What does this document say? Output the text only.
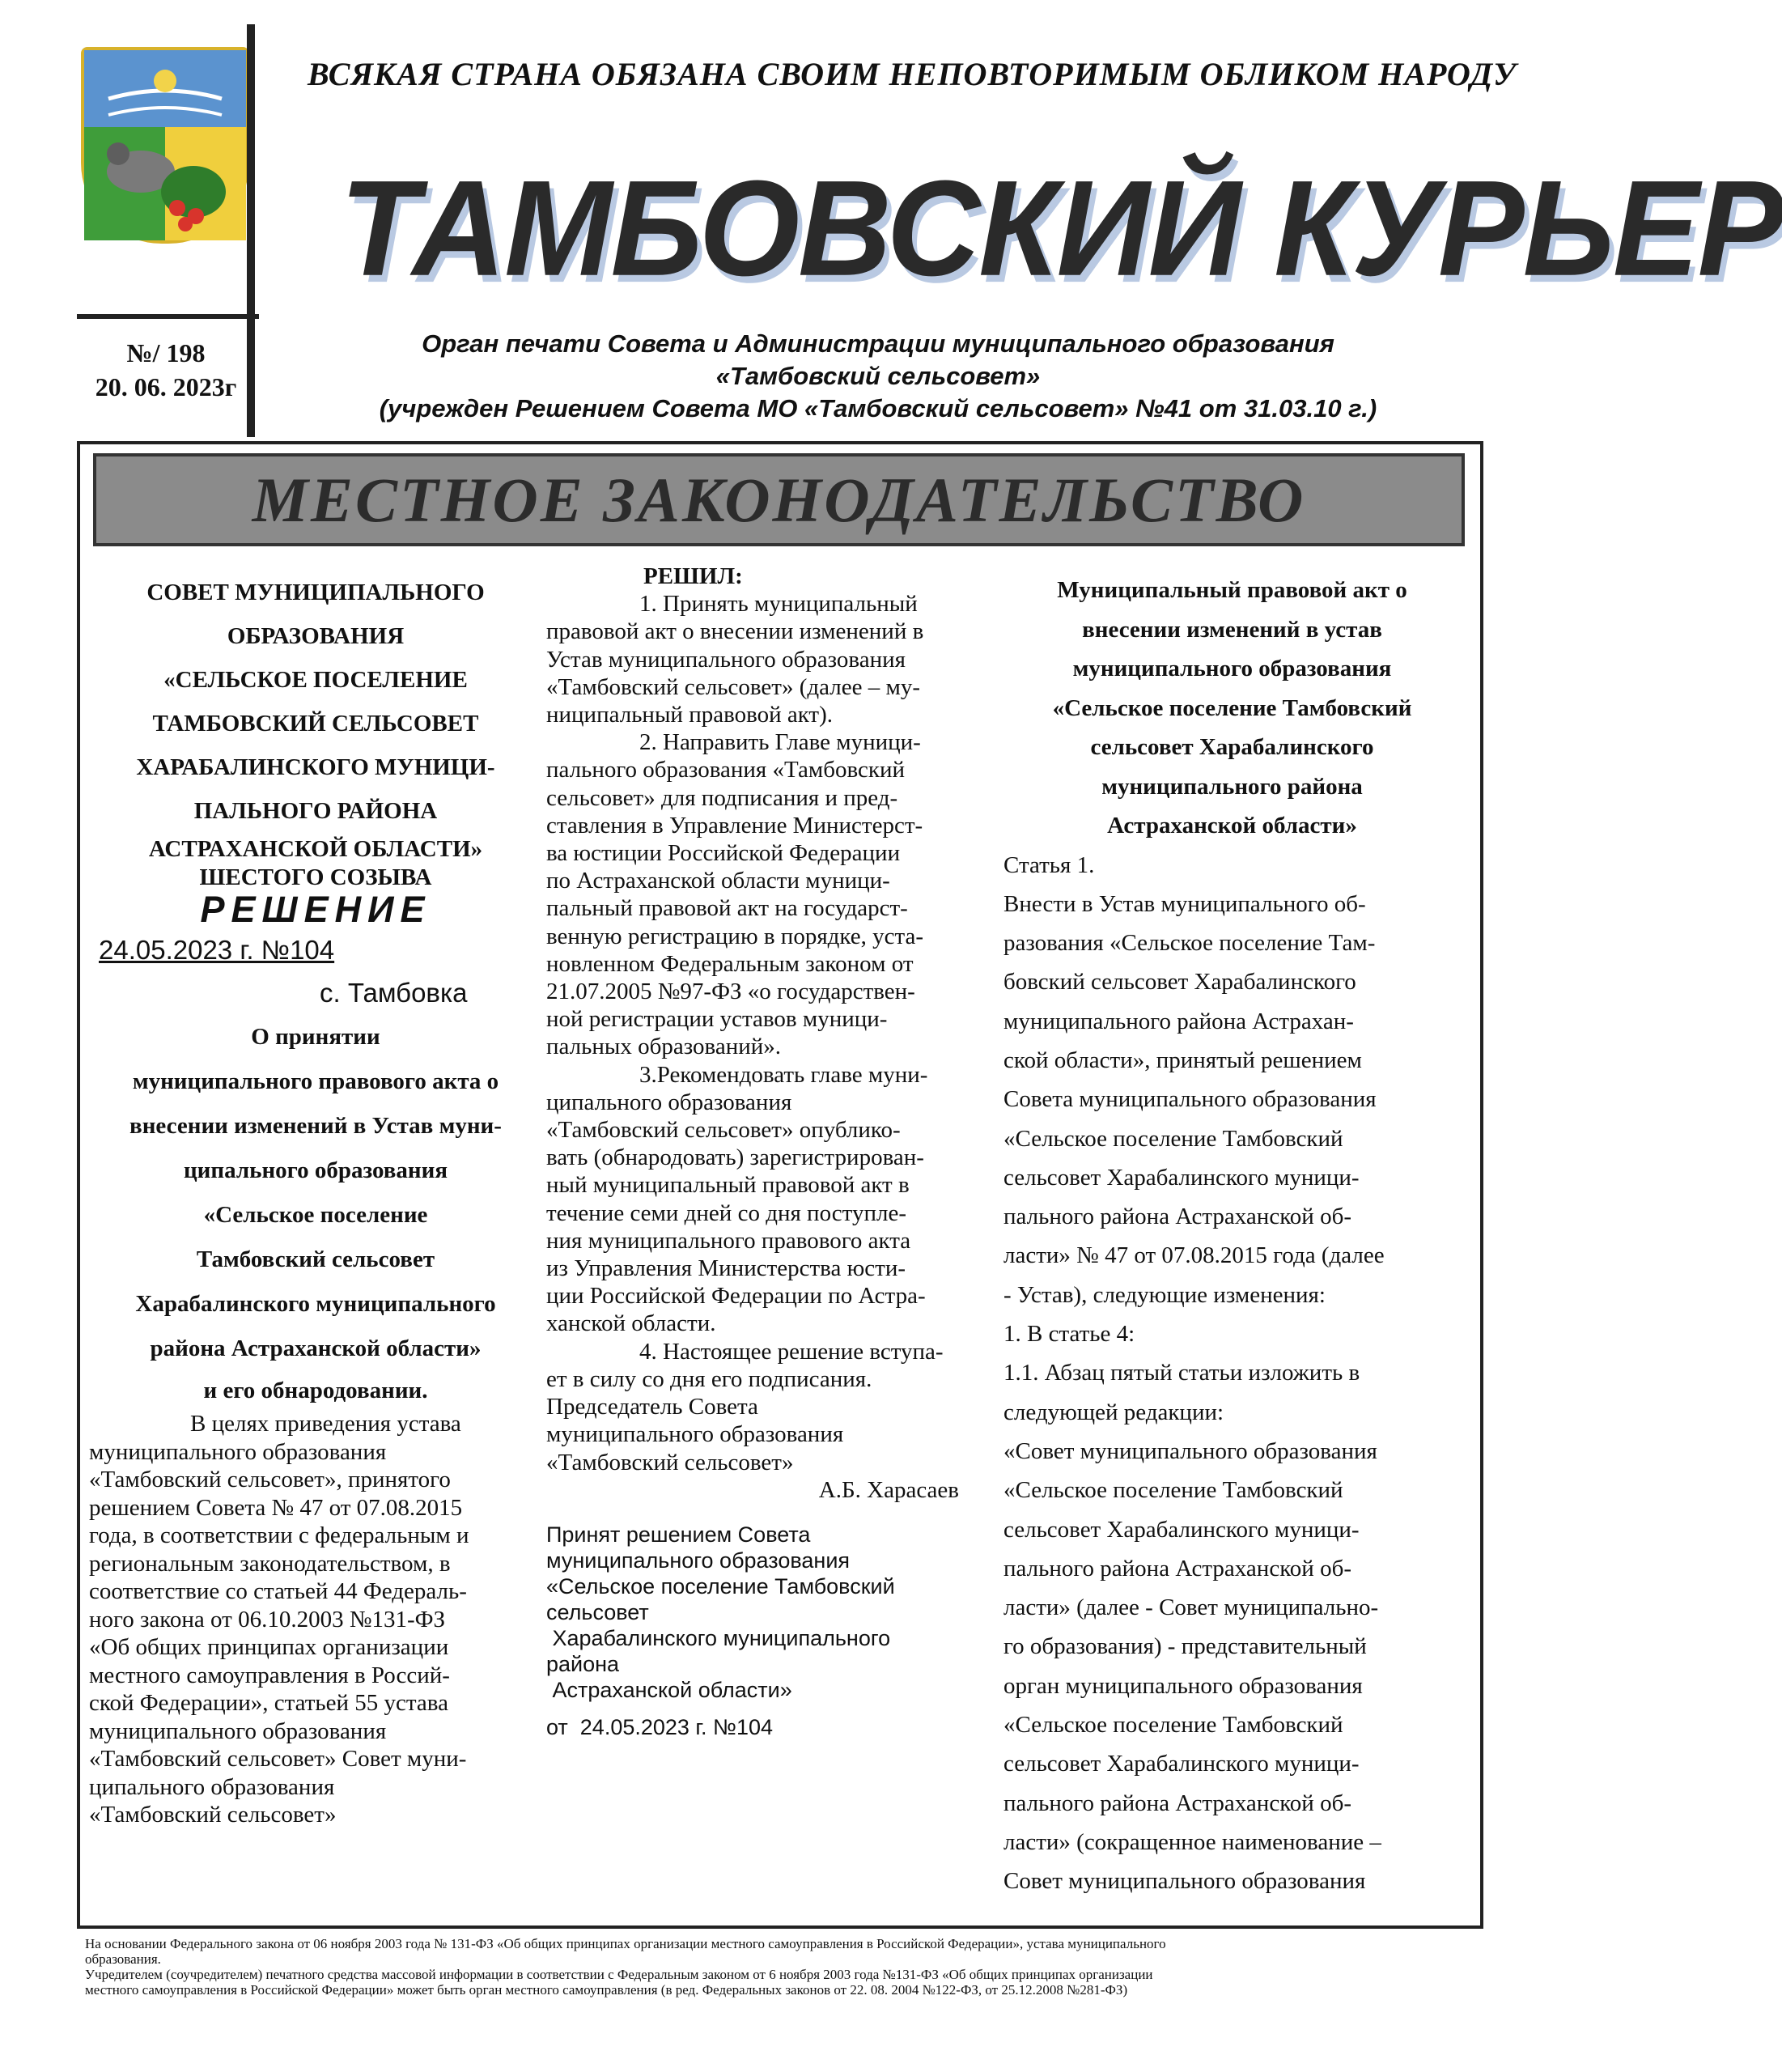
ВСЯКАЯ СТРАНА ОБЯЗАНА СВОИМ НЕПОВТОРИМЫМ ОБЛИКОМ НАРОДУ
ТАМБОВСКИЙ КУРЬЕР
№/ 198
20. 06. 2023г
Орган печати Совета и Администрации муниципального образования
«Тамбовский сельсовет»
(учрежден Решением Совета МО «Тамбовский сельсовет» №41 от 31.03.10 г.)
МЕСТНОЕ ЗАКОНОДАТЕЛЬСТВО
СОВЕТ МУНИЦИПАЛЬНОГО
ОБРАЗОВАНИЯ
«СЕЛЬСКОЕ ПОСЕЛЕНИЕ
ТАМБОВСКИЙ СЕЛЬСОВЕТ
ХАРАБАЛИНСКОГО МУНИЦИ-
ПАЛЬНОГО РАЙОНА
АСТРАХАНСКОЙ ОБЛАСТИ»
ШЕСТОГО СОЗЫВА
РЕШЕНИЕ
24.05.2023 г. №104
с. Тамбовка
О принятии
муниципального правового акта о
внесении изменений в Устав муни-
ципального образования
«Сельское поселение
Тамбовский сельсовет
Харабалинского муниципального
района Астраханской области»
и его обнародовании.
В целях приведения устава
муниципального образования
«Тамбовский сельсовет», принятого
решением Совета № 47 от 07.08.2015
года, в соответствии с федеральным и
региональным законодательством, в
соответствие со статьей 44 Федераль-
ного закона от 06.10.2003 №131-ФЗ
«Об общих принципах организации
местного самоуправления в Россий-
ской Федерации», статьей 55 устава
муниципального образования
«Тамбовский сельсовет» Совет муни-
ципального образования
«Тамбовский сельсовет»
РЕШИЛ:
1. Принять муниципальный
правовой акт о внесении изменений в
Устав муниципального образования
«Тамбовский сельсовет» (далее – му-
ниципальный правовой акт).
2. Направить Главе муници-
пального образования «Тамбовский
сельсовет» для подписания и пред-
ставления в Управление Министерст-
ва юстиции Российской Федерации
по Астраханской области муници-
пальный правовой акт на государст-
венную регистрацию в порядке, уста-
новленном Федеральным законом от
21.07.2005 №97-ФЗ «о государствен-
ной регистрации уставов муници-
пальных образований».
3.Рекомендовать главе муни-
ципального образования
«Тамбовский сельсовет» опублико-
вать (обнародовать) зарегистрирован-
ный муниципальный правовой акт в
течение семи дней со дня поступле-
ния муниципального правового акта
из Управления Министерства юсти-
ции Российской Федерации по Астра-
ханской области.
4. Настоящее решение вступа-
ет в силу со дня его подписания.
Председатель Совета
муниципального образования
«Тамбовский сельсовет»
А.Б. Харасаев
Принят решением Совета
муниципального образования
«Сельское поселение Тамбовский
сельсовет
Харабалинского муниципального
района
Астраханской области»
от  24.05.2023 г. №104
Муниципальный правовой акт о
внесении изменений в устав
муниципального образования
«Сельское поселение Тамбовский
сельсовет Харабалинского
муниципального района
Астраханской области»
Статья 1.
Внести в Устав муниципального об-
разования «Сельское поселение Там-
бовский сельсовет Харабалинского
муниципального района Астрахан-
ской области», принятый решением
Совета муниципального образования
«Сельское поселение Тамбовский
сельсовет Харабалинского муници-
пального района Астраханской об-
ласти» № 47 от 07.08.2015 года (далее
- Устав), следующие изменения:
1. В статье 4:
1.1. Абзац пятый статьи изложить в
следующей редакции:
«Совет муниципального образования
«Сельское поселение Тамбовский
сельсовет Харабалинского муници-
пального района Астраханской об-
ласти» (далее - Совет муниципально-
го образования) - представительный
орган муниципального образования
«Сельское поселение Тамбовский
сельсовет Харабалинского муници-
пального района Астраханской об-
ласти» (сокращенное наименование –
Совет муниципального образования
На основании Федерального закона от 06 ноября 2003 года № 131-ФЗ «Об общих принципах организации местного самоуправления в Российской Федерации», устава муниципального
образования.
Учредителем (соучредителем) печатного средства массовой информации в соответствии с Федеральным законом от 6 ноября 2003 года №131-ФЗ «Об общих принципах организации
местного самоуправления в Российской Федерации» может быть орган местного самоуправления (в ред. Федеральных законов от 22. 08. 2004 №122-ФЗ, от 25.12.2008 №281-ФЗ)
